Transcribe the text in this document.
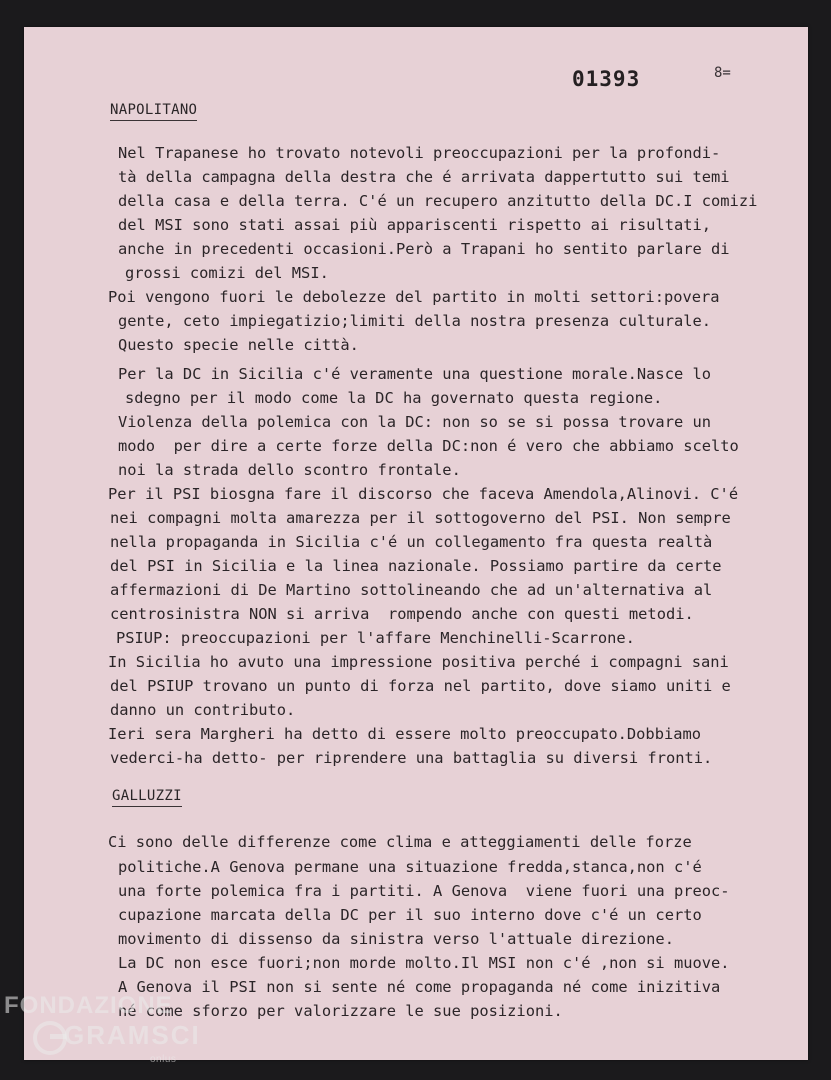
01393	8=
NAPOLITANO
Nel Trapanese ho trovato notevoli preoccupazioni per la profondi-
tà della campagna della destra che é arrivata dappertutto sui temi
della casa e della terra. C'é un recupero anzitutto della DC.I comizi
del MSI sono stati assai più appariscenti rispetto ai risultati,
anche in precedenti occasioni.Però a Trapani ho sentito parlare di
grossi comizi del MSI.
Poi vengono fuori le debolezze del partito in molti settori:povera
gente, ceto impiegatizio;limiti della nostra presenza culturale.
Questo specie nelle città.
Per la DC in Sicilia c'é veramente una questione morale.Nasce lo
sdegno per il modo come la DC ha governato questa regione.
Violenza della polemica con la DC: non so se si possa trovare un
modo  per dire a certe forze della DC:non é vero che abbiamo scelto
noi la strada dello scontro frontale.
Per il PSI biosgna fare il discorso che faceva Amendola,Alinovi. C'é
nei compagni molta amarezza per il sottogoverno del PSI. Non sempre
nella propaganda in Sicilia c'é un collegamento fra questa realtà
del PSI in Sicilia e la linea nazionale. Possiamo partire da certe
affermazioni di De Martino sottolineando che ad un'alternativa al
centrosinistra NON si arriva  rompendo anche con questi metodi.
PSIUP: preoccupazioni per l'affare Menchinelli-Scarrone.
In Sicilia ho avuto una impressione positiva perché i compagni sani
del PSIUP trovano un punto di forza nel partito, dove siamo uniti e
danno un contributo.
Ieri sera Margheri ha detto di essere molto preoccupato.Dobbiamo
vederci-ha detto- per riprendere una battaglia su diversi fronti.
GALLUZZI
Ci sono delle differenze come clima e atteggiamenti delle forze
politiche.A Genova permane una situazione fredda,stanca,non c'é
una forte polemica fra i partiti. A Genova  viene fuori una preoc-
cupazione marcata della DC per il suo interno dove c'é un certo
movimento di dissenso da sinistra verso l'attuale direzione.
La DC non esce fuori;non morde molto.Il MSI non c'é ,non si muove.
A Genova il PSI non si sente né come propaganda né come inizitiva
né come sforzo per valorizzare le sue posizioni.
FONDAZIONE
GRAMSCI
onlus
